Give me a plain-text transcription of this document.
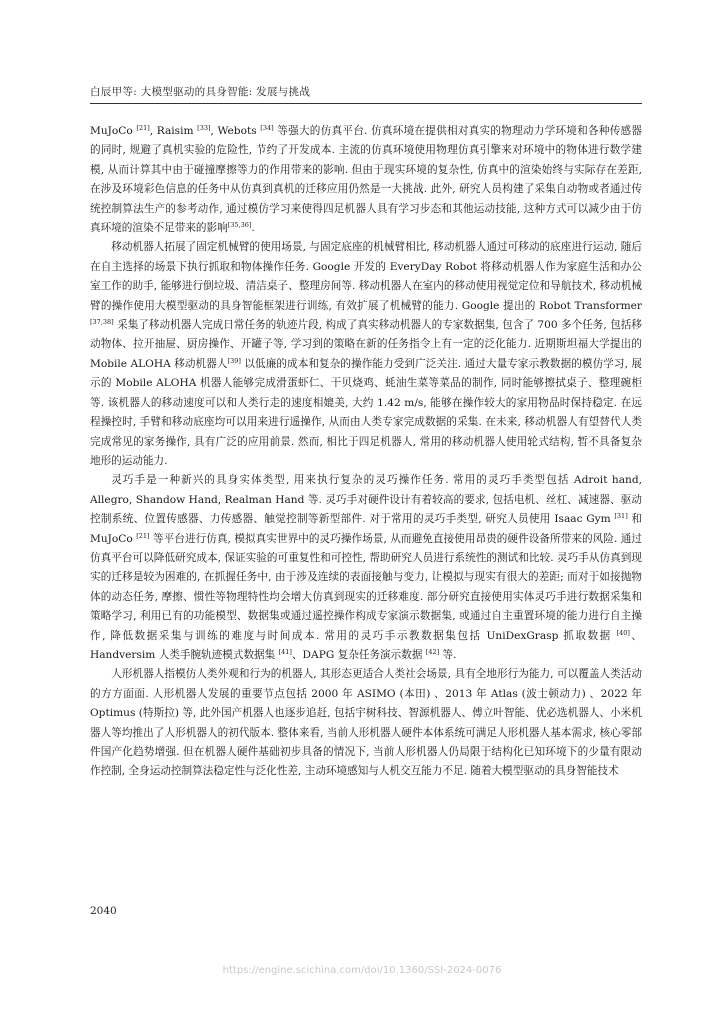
白辰甲等: 大模型驱动的具身智能: 发展与挑战

MuJoCo [21], Raisim [33], Webots [34] 等强大的仿真平台. 仿真环境在提供相对真实的物理动力学环境和各种传感器的同时, 规避了真机实验的危险性, 节约了开发成本. 主流的仿真环境使用物理仿真引擎来对环境中的物体进行数学建模, 从而计算其中由于碰撞摩擦等力的作用带来的影响. 但由于现实环境的复杂性, 仿真中的渲染始终与实际存在差距, 在涉及环境彩色信息的任务中从仿真到真机的迁移应用仍然是一大挑战. 此外, 研究人员构建了采集自动物或者通过传统控制算法生产的参考动作, 通过模仿学习来使得四足机器人具有学习步态和其他运动技能, 这种方式可以减少由于仿真环境的渲染不足带来的影响[35,36].

移动机器人拓展了固定机械臂的使用场景, 与固定底座的机械臂相比, 移动机器人通过可移动的底座进行运动, 随后在自主选择的场景下执行抓取和物体操作任务. Google 开发的 EveryDay Robot 将移动机器人作为家庭生活和办公室工作的助手, 能够进行倒垃圾、清洁桌子、整理房间等. 移动机器人在室内的移动使用视觉定位和导航技术, 移动机械臂的操作使用大模型驱动的具身智能框架进行训练, 有效扩展了机械臂的能力. Google 提出的 Robot Transformer [37,38] 采集了移动机器人完成日常任务的轨迹片段, 构成了真实移动机器人的专家数据集, 包含了 700 多个任务, 包括移动物体、拉开抽屉、厨房操作、开罐子等, 学习到的策略在新的任务指令上有一定的泛化能力. 近期斯坦福大学提出的 Mobile ALOHA 移动机器人[39] 以低廉的成本和复杂的操作能力受到广泛关注. 通过大量专家示教数据的模仿学习, 展示的 Mobile ALOHA 机器人能够完成滑蛋虾仁、干贝烧鸡、蚝油生菜等菜品的制作, 同时能够擦拭桌子、整理碗柜等. 该机器人的移动速度可以和人类行走的速度相媲美, 大约 1.42 m/s, 能够在操作较大的家用物品时保持稳定. 在远程操控时, 手臂和移动底座均可以用来进行遥操作, 从而由人类专家完成数据的采集. 在未来, 移动机器人有望替代人类完成常见的家务操作, 具有广泛的应用前景. 然而, 相比于四足机器人, 常用的移动机器人使用轮式结构, 暂不具备复杂地形的运动能力.

灵巧手是一种新兴的具身实体类型, 用来执行复杂的灵巧操作任务. 常用的灵巧手类型包括 Adroit hand, Allegro, Shandow Hand, Realman Hand 等. 灵巧手对硬件设计有着较高的要求, 包括电机、丝杠、减速器、驱动控制系统、位置传感器、力传感器、触觉控制等新型部件. 对于常用的灵巧手类型, 研究人员使用 Isaac Gym [31] 和 MuJoCo [21] 等平台进行仿真, 模拟真实世界中的灵巧操作场景, 从而避免直接使用昂贵的硬件设备所带来的风险. 通过仿真平台可以降低研究成本, 保证实验的可重复性和可控性, 帮助研究人员进行系统性的测试和比较. 灵巧手从仿真到现实的迁移是较为困难的, 在抓握任务中, 由于涉及连续的表面接触与变力, 让模拟与现实有很大的差距; 而对于如接抛物体的动态任务, 摩擦、惯性等物理特性均会增大仿真到现实的迁移难度. 部分研究直接使用实体灵巧手进行数据采集和策略学习, 利用已有的功能模型、数据集或通过遥控操作构成专家演示数据集, 或通过自主重置环境的能力进行自主操作, 降低数据采集与训练的难度与时间成本. 常用的灵巧手示教数据集包括 UniDexGrasp 抓取数据 [40]、Handversim 人类手腕轨迹模式数据集 [41]、DAPG 复杂任务演示数据 [42] 等.

人形机器人指模仿人类外观和行为的机器人, 其形态更适合人类社会场景, 具有全地形行为能力, 可以覆盖人类活动的方方面面. 人形机器人发展的重要节点包括 2000 年 ASIMO (本田) 、2013 年 Atlas (波士顿动力) 、2022 年 Optimus (特斯拉) 等, 此外国产机器人也逐步追赶, 包括宇树科技、智源机器人、傅立叶智能、优必选机器人、小米机器人等均推出了人形机器人的初代版本. 整体来看, 当前人形机器人硬件本体系统可满足人形机器人基本需求, 核心零部件国产化趋势增强. 但在机器人硬件基础初步具备的情况下, 当前人形机器人仍局限于结构化已知环境下的少量有限动作控制, 全身运动控制算法稳定性与泛化性差, 主动环境感知与人机交互能力不足. 随着大模型驱动的具身智能技术

2040
https://engine.scichina.com/doi/10.1360/SSI-2024-0076
